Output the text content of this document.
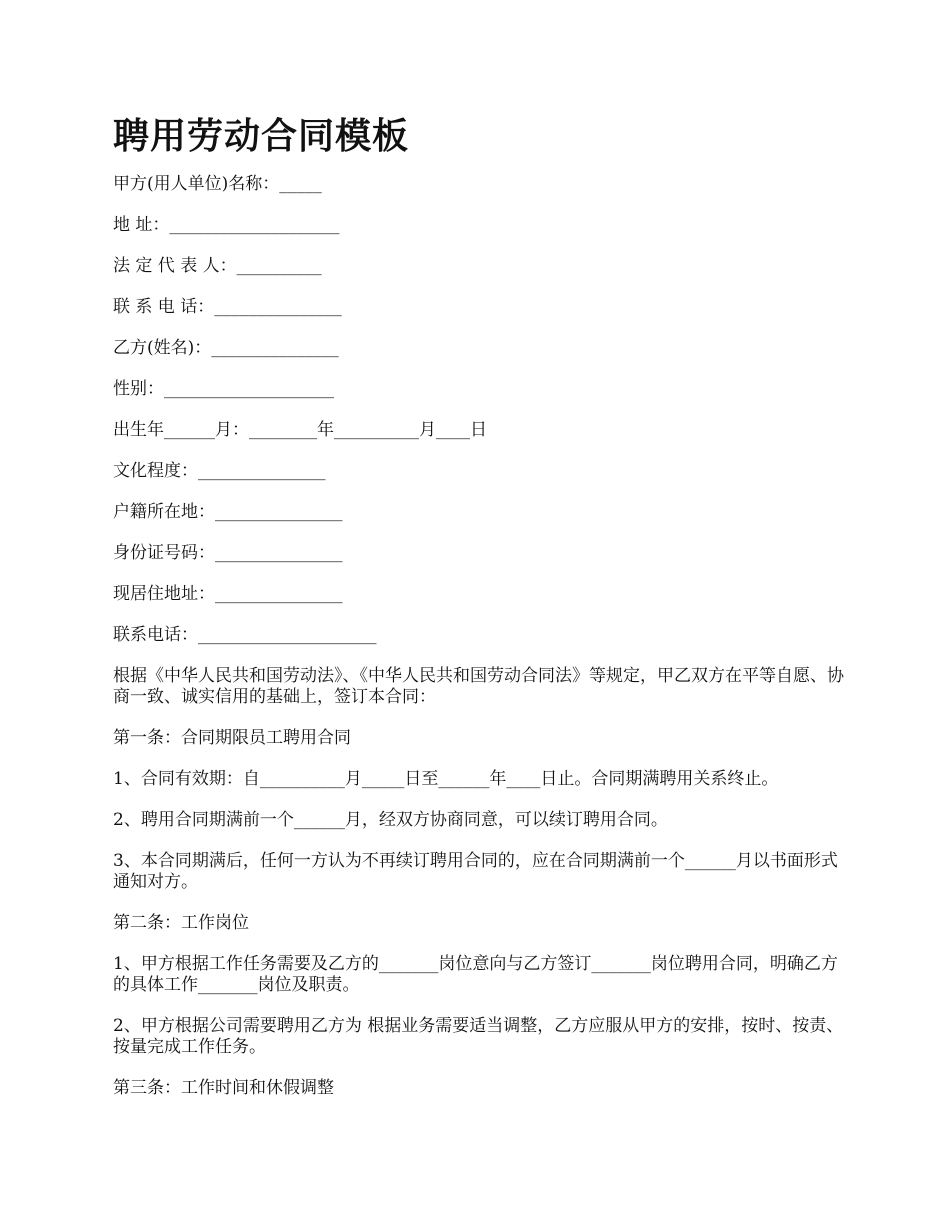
聘用劳动合同模板

甲方(用人单位)名称：_____

地 址：____________________

法 定 代 表 人：__________

联 系 电 话：_______________

乙方(姓名)：_______________

性别：____________________

出生年______月：________年__________月____日

文化程度：_______________

户籍所在地：_______________

身份证号码：_______________

现居住地址：_______________

联系电话：_____________________

根据《中华人民共和国劳动法》、《中华人民共和国劳动合同法》等规定，甲乙双方在平等自愿、协商一致、诚实信用的基础上，签订本合同：

第一条：合同期限员工聘用合同

1、合同有效期：自__________月_____日至______年____日止。合同期满聘用关系终止。

2、聘用合同期满前一个______月，经双方协商同意，可以续订聘用合同。

3、本合同期满后，任何一方认为不再续订聘用合同的，应在合同期满前一个______月以书面形式通知对方。

第二条：工作岗位

1、甲方根据工作任务需要及乙方的_______岗位意向与乙方签订_______岗位聘用合同，明确乙方的具体工作_______岗位及职责。

2、甲方根据公司需要聘用乙方为 根据业务需要适当调整，乙方应服从甲方的安排，按时、按责、按量完成工作任务。

第三条：工作时间和休假调整
